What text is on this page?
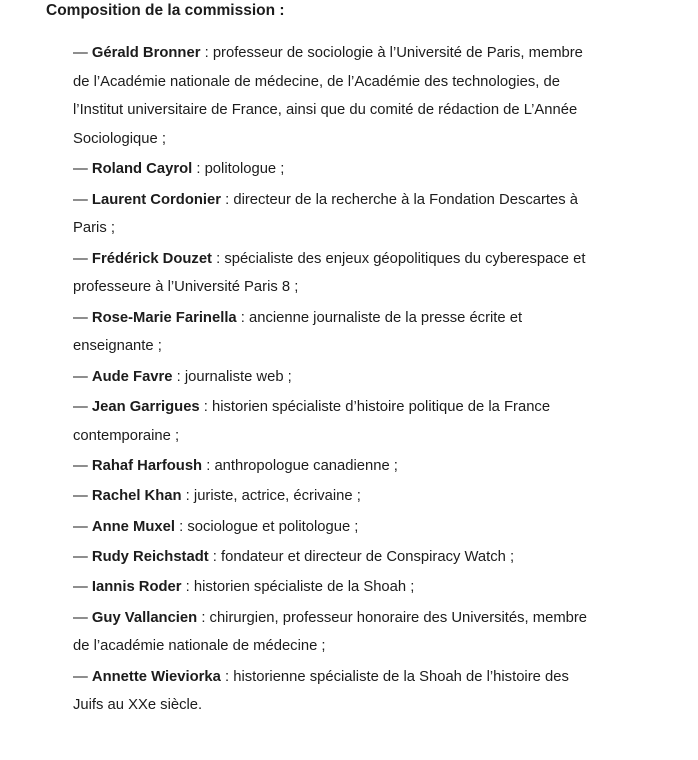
Composition de la commission :
— Gérald Bronner : professeur de sociologie à l’Université de Paris, membre de l’Académie nationale de médecine, de l’Académie des technologies, de l’Institut universitaire de France, ainsi que du comité de rédaction de L’Année Sociologique ;
— Roland Cayrol : politologue ;
— Laurent Cordonier : directeur de la recherche à la Fondation Descartes à Paris ;
— Frédérick Douzet : spécialiste des enjeux géopolitiques du cyberespace et professeure à l’Université Paris 8 ;
— Rose-Marie Farinella : ancienne journaliste de la presse écrite et enseignante ;
— Aude Favre : journaliste web ;
— Jean Garrigues : historien spécialiste d’histoire politique de la France contemporaine ;
— Rahaf Harfoush : anthropologue canadienne ;
— Rachel Khan : juriste, actrice, écrivaine ;
— Anne Muxel : sociologue et politologue ;
— Rudy Reichstadt : fondateur et directeur de Conspiracy Watch ;
— Iannis Roder : historien spécialiste de la Shoah ;
— Guy Vallancien : chirurgien, professeur honoraire des Universités, membre de l’académie nationale de médecine ;
— Annette Wieviorka : historienne spécialiste de la Shoah de l’histoire des Juifs au XXe siècle.
